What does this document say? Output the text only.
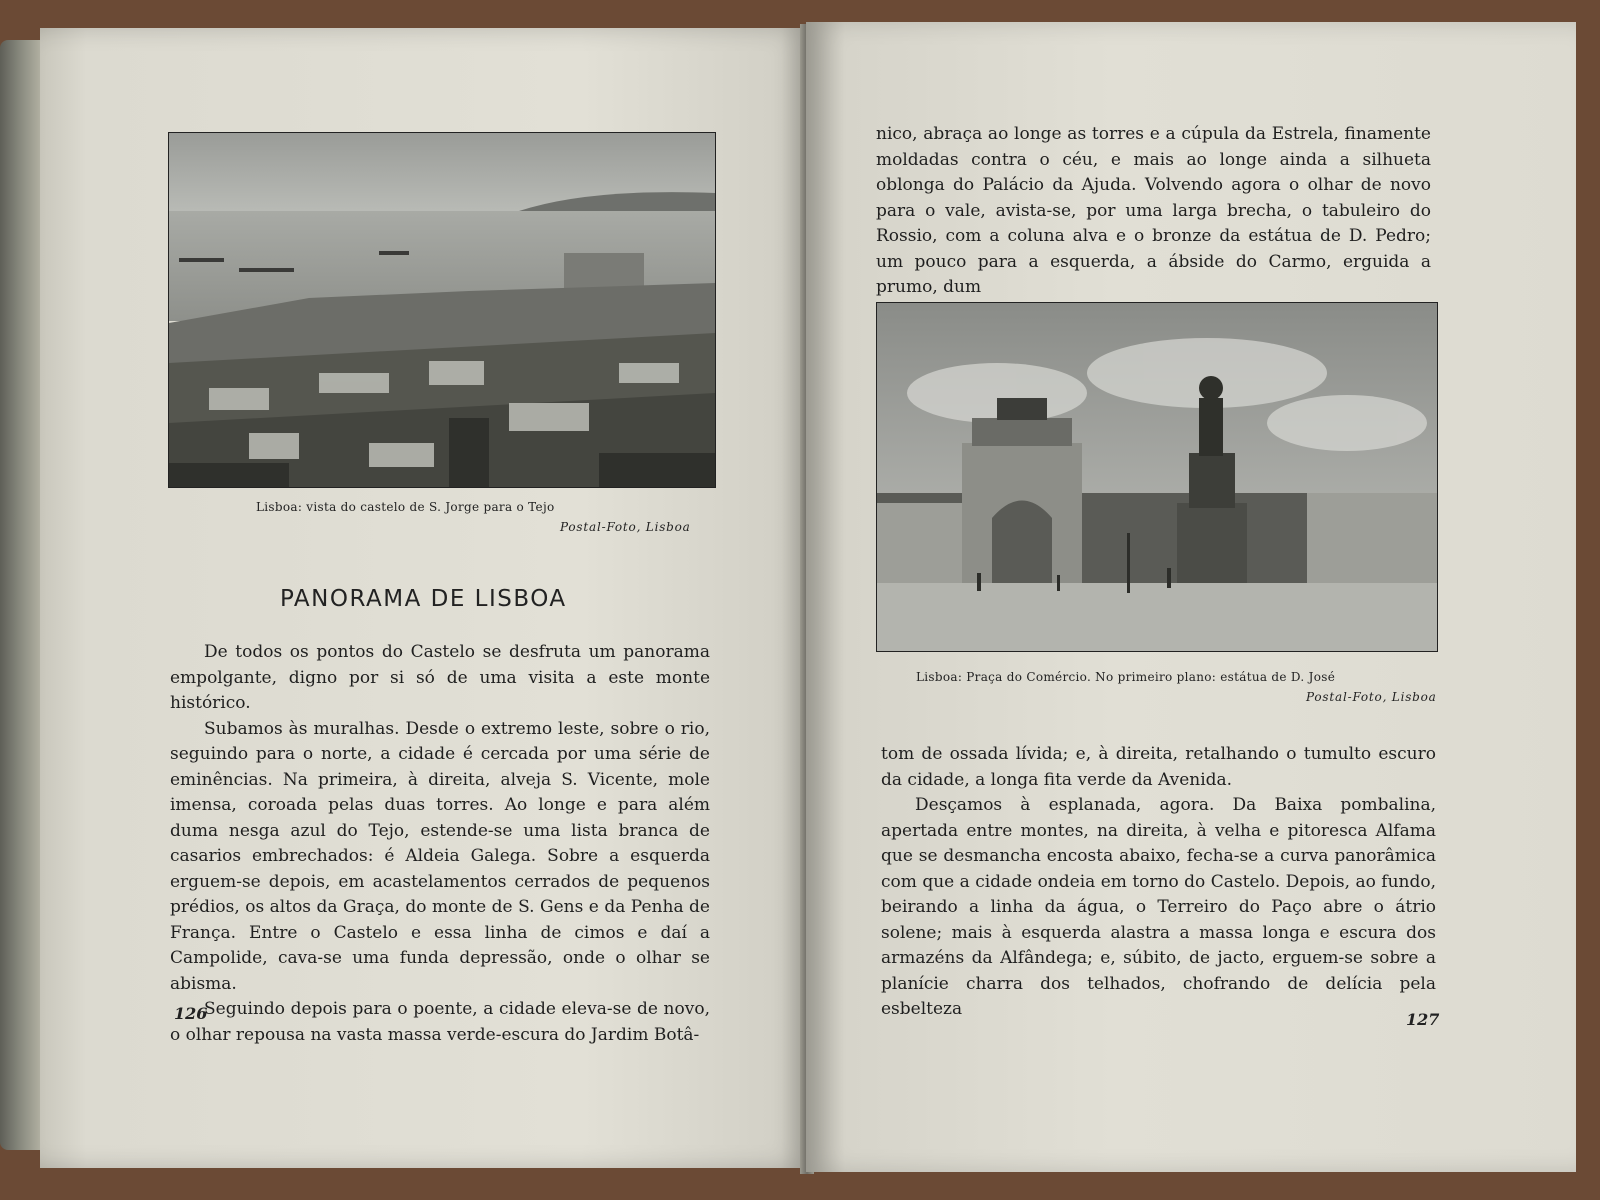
Lisboa: vista do castelo de S. Jorge para o Tejo
Postal-Foto, Lisboa
PANORAMA DE LISBOA

De todos os pontos do Castelo se desfruta um panorama empolgante, digno por si só de uma visita a este monte histórico.

Subamos às muralhas. Desde o extremo leste, sobre o rio, seguindo para o norte, a cidade é cercada por uma série de eminências. Na primeira, à direita, alveja S. Vicente, mole imensa, coroada pelas duas torres. Ao longe e para além duma nesga azul do Tejo, estende-se uma lista branca de casarios embrechados: é Aldeia Galega. Sobre a esquerda erguem-se depois, em acastelamentos cerrados de pequenos prédios, os altos da Graça, do monte de S. Gens e da Penha de França. Entre o Castelo e essa linha de cimos e daí a Campolide, cava-se uma funda depressão, onde o olhar se abisma.

Seguindo depois para o poente, a cidade eleva-se de novo, o olhar repousa na vasta massa verde-escura do Jardim Botâ-

126

nico, abraça ao longe as torres e a cúpula da Estrela, finamente moldadas contra o céu, e mais ao longe ainda a silhueta oblonga do Palácio da Ajuda. Volvendo agora o olhar de novo para o vale, avista-se, por uma larga brecha, o tabuleiro do Rossio, com a coluna alva e o bronze da estátua de D. Pedro; um pouco para a esquerda, a ábside do Carmo, erguida a prumo, dum

Lisboa: Praça do Comércio. No primeiro plano: estátua de D. José
Postal-Foto, Lisboa

tom de ossada lívida; e, à direita, retalhando o tumulto escuro da cidade, a longa fita verde da Avenida.

Desçamos à esplanada, agora. Da Baixa pombalina, apertada entre montes, na direita, à velha e pitoresca Alfama que se desmancha encosta abaixo, fecha-se a curva panorâmica com que a cidade ondeia em torno do Castelo. Depois, ao fundo, beirando a linha da água, o Terreiro do Paço abre o átrio solene; mais à esquerda alastra a massa longa e escura dos armazéns da Alfândega; e, súbito, de jacto, erguem-se sobre a planície charra dos telhados, chofrando de delícia pela esbelteza

127
